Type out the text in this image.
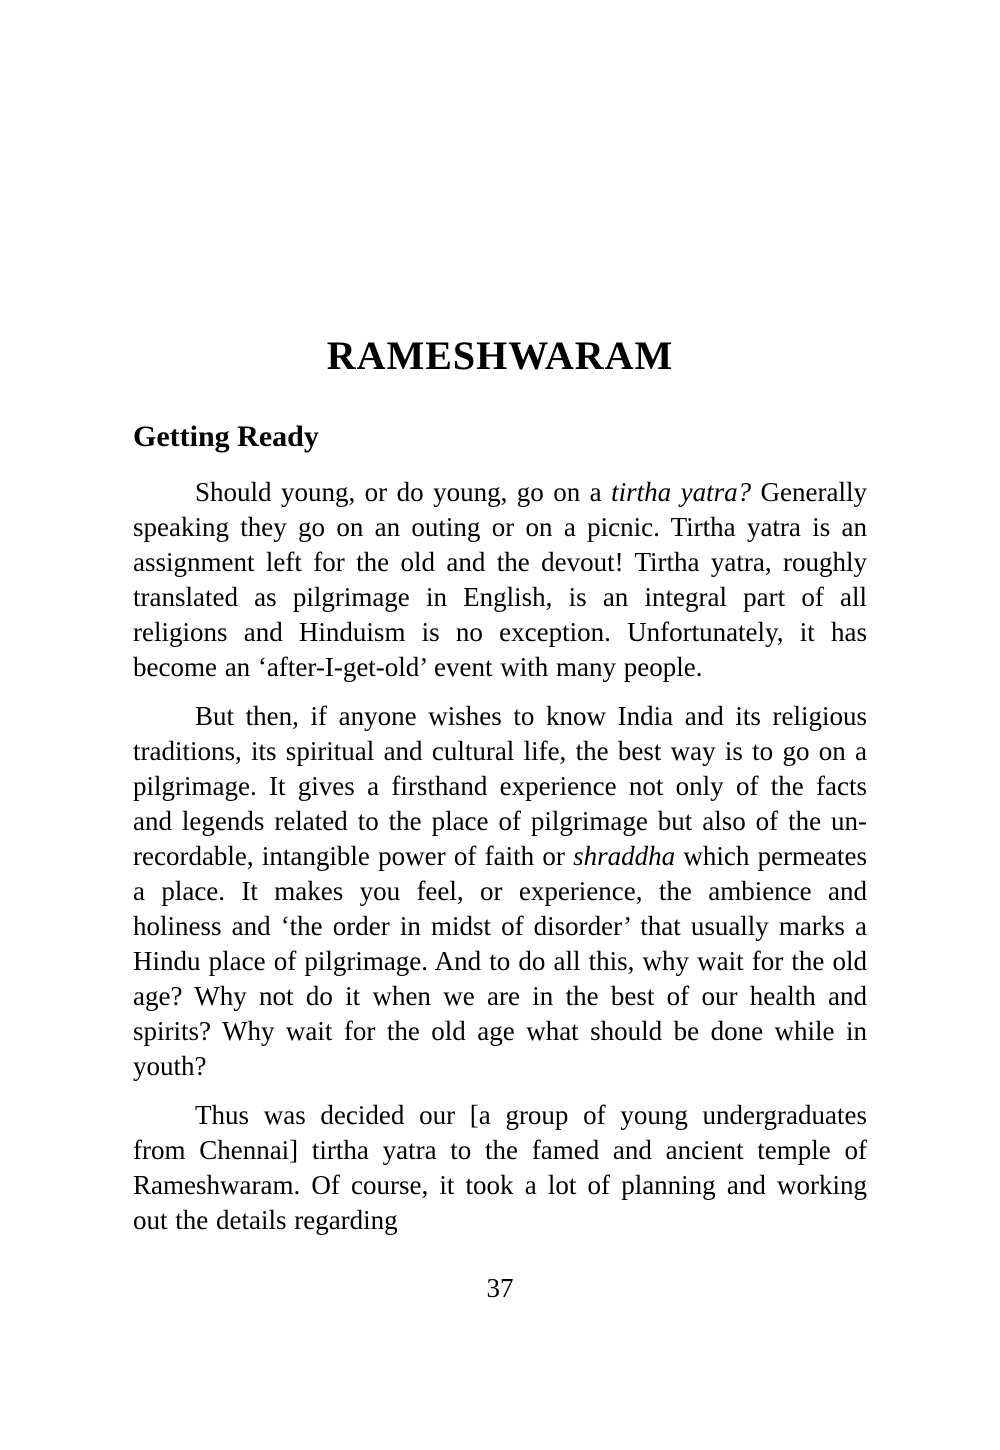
RAMESHWARAM
Getting Ready

Should young, or do young, go on a tirtha yatra? Generally speaking they go on an outing or on a picnic. Tirtha yatra is an assignment left for the old and the devout! Tirtha yatra, roughly translated as pilgrimage in English, is an integral part of all religions and Hinduism is no exception. Unfortunately, it has become an ‘after-I-get-old’ event with many people.

But then, if anyone wishes to know India and its religious traditions, its spiritual and cultural life, the best way is to go on a pilgrimage. It gives a firsthand experience not only of the facts and legends related to the place of pilgrimage but also of the un-recordable, intangible power of faith or shraddha which permeates a place. It makes you feel, or experience, the ambience and holiness and ‘the order in midst of disorder’ that usually marks a Hindu place of pilgrimage. And to do all this, why wait for the old age? Why not do it when we are in the best of our health and spirits? Why wait for the old age what should be done while in youth?

Thus was decided our [a group of young undergraduates from Chennai] tirtha yatra to the famed and ancient temple of Rameshwaram. Of course, it took a lot of planning and working out the details regarding

37
